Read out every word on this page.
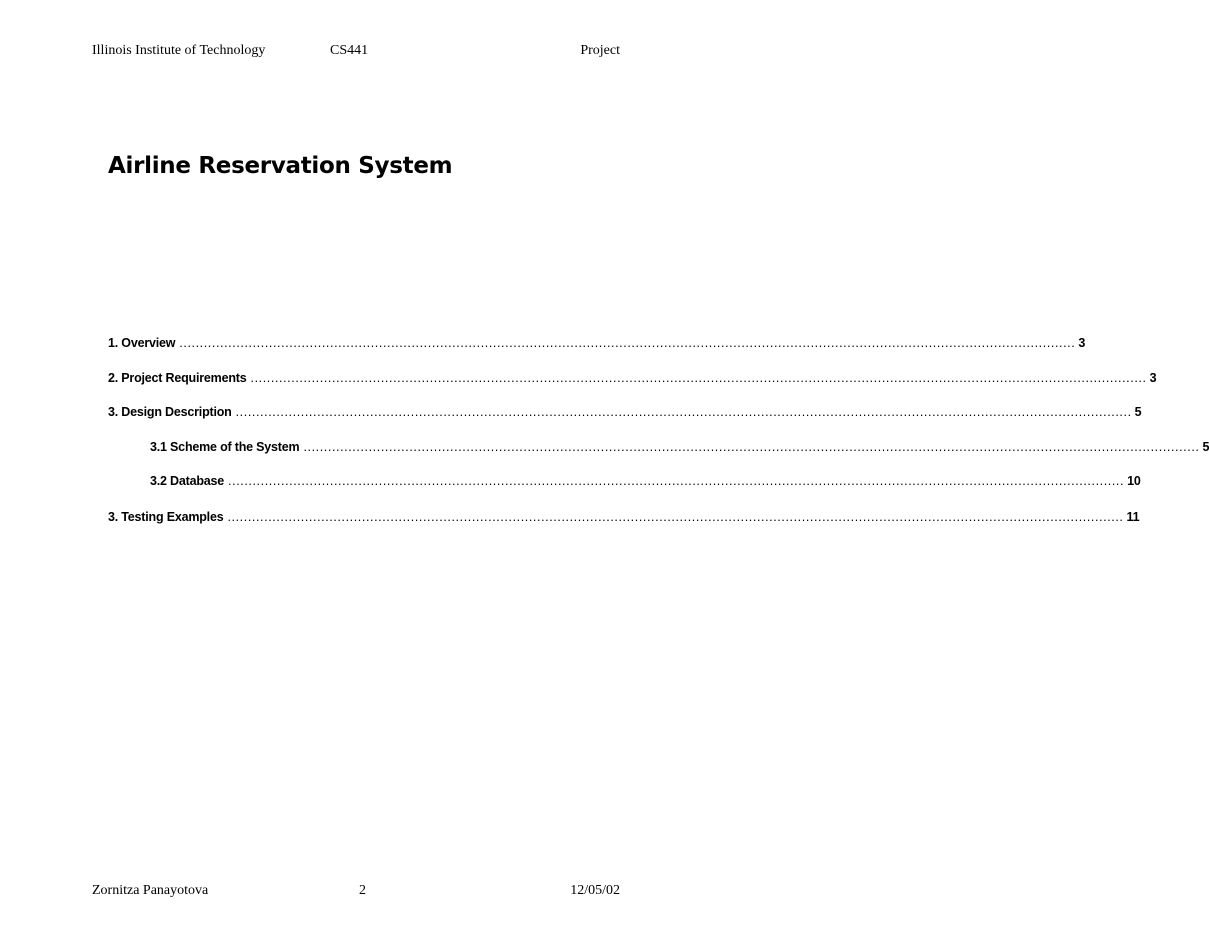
Illinois Institute of Technology	CS441	Project
Airline Reservation System
1. Overview ............................................................................................................................................................................................................................ 3
2. Project Requirements ............................................................................................................................................................................................................................ 3
3. Design Description ............................................................................................................................................................................................................................ 5
3.1 Scheme of the System ............................................................................................................................................................................................................................ 5
3.2 Database ............................................................................................................................................................................................................................ 10
3. Testing Examples ............................................................................................................................................................................................................................ 11
Zornitza Panayotova	2	12/05/02
